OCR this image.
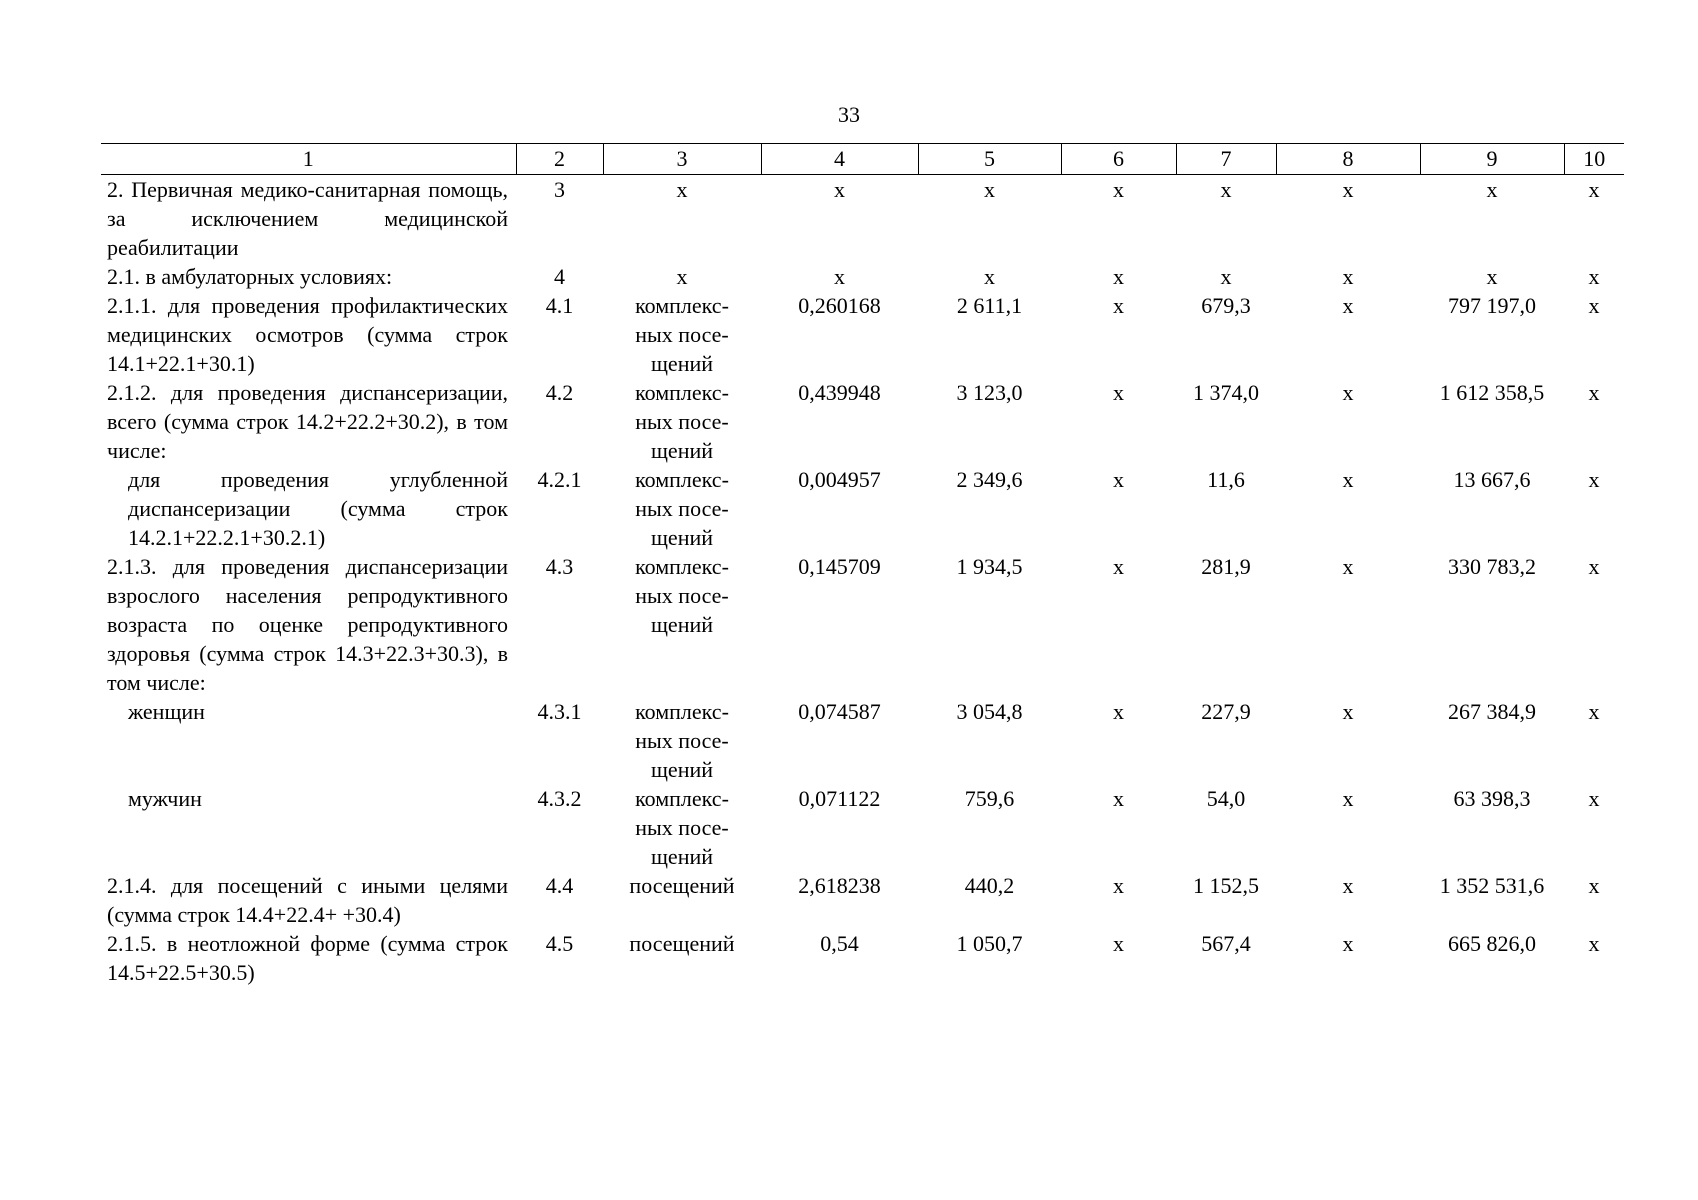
33
1	2	3	4	5	6	7	8	9	10
2. Первичная медико-санитарная помощь, за исключением медицинской реабилитации	3	х	х	х	х	х	х	х	х
2.1. в амбулаторных условиях:	4	х	х	х	х	х	х	х	х
2.1.1. для проведения профилактических медицинских осмотров (сумма строк 14.1+22.1+30.1)	4.1	комплекс-
ных посе-
щений	0,260168	2 611,1	х	679,3	х	797 197,0	х
2.1.2. для проведения диспансеризации, всего (сумма строк 14.2+22.2+30.2), в том числе:	4.2	комплекс-
ных посе-
щений	0,439948	3 123,0	х	1 374,0	х	1 612 358,5	х
для проведения углубленной диспансеризации (сумма строк 14.2.1+22.2.1+30.2.1)	4.2.1	комплекс-
ных посе-
щений	0,004957	2 349,6	х	11,6	х	13 667,6	х
2.1.3. для проведения диспансеризации взрослого населения репродуктивного возраста по оценке репродуктивного здоровья (сумма строк 14.3+22.3+30.3), в том числе:	4.3	комплекс-
ных посе-
щений	0,145709	1 934,5	х	281,9	х	330 783,2	х
женщин	4.3.1	комплекс-
ных посе-
щений	0,074587	3 054,8	х	227,9	х	267 384,9	х
мужчин	4.3.2	комплекс-
ных посе-
щений	0,071122	759,6	х	54,0	х	63 398,3	х
2.1.4. для посещений с иными целями (сумма строк 14.4+22.4+ +30.4)	4.4	посещений	2,618238	440,2	х	1 152,5	х	1 352 531,6	х
2.1.5. в неотложной форме (сумма строк 14.5+22.5+30.5)	4.5	посещений	0,54	1 050,7	х	567,4	х	665 826,0	х
